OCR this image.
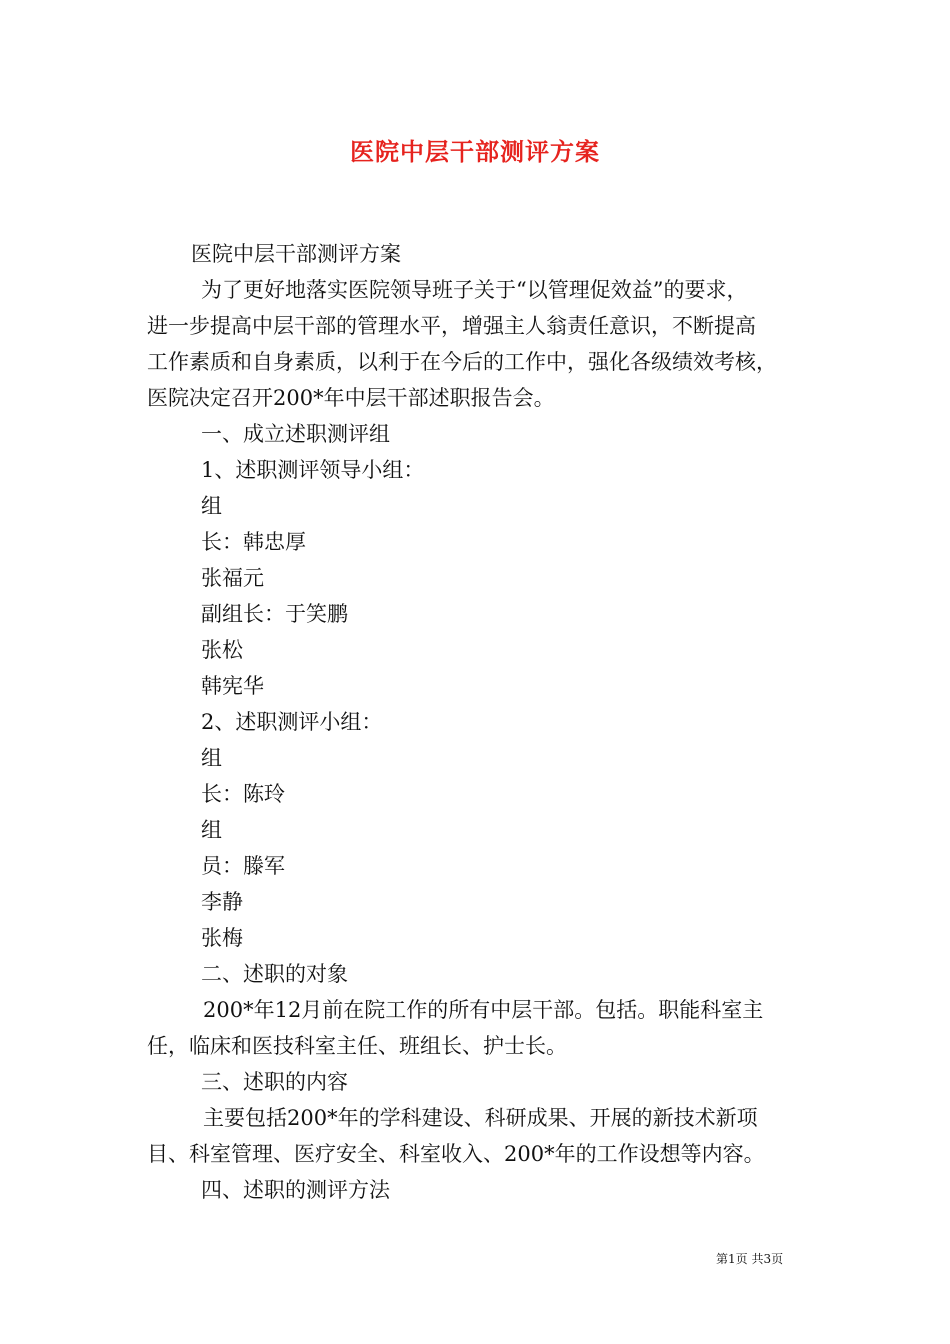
医院中层干部测评方案

医院中层干部测评方案

为了更好地落实医院领导班子关于“以管理促效益”的要求，

进一步提高中层干部的管理水平，增强主人翁责任意识，不断提高

工作素质和自身素质，以利于在今后的工作中，强化各级绩效考核，

医院决定召开200*年中层干部述职报告会。

一、成立述职测评组

1、述职测评领导小组：

组

长：韩忠厚

张福元

副组长：于笑鹏

张松

韩宪华

2、述职测评小组：

组

长：陈玲

组

员：滕军

李静

张梅

二、述职的对象

200*年12月前在院工作的所有中层干部。包括。职能科室主

任，临床和医技科室主任、班组长、护士长。

三、述职的内容

主要包括200*年的学科建设、科研成果、开展的新技术新项

目、科室管理、医疗安全、科室收入、200*年的工作设想等内容。

四、述职的测评方法

第1页 共3页
